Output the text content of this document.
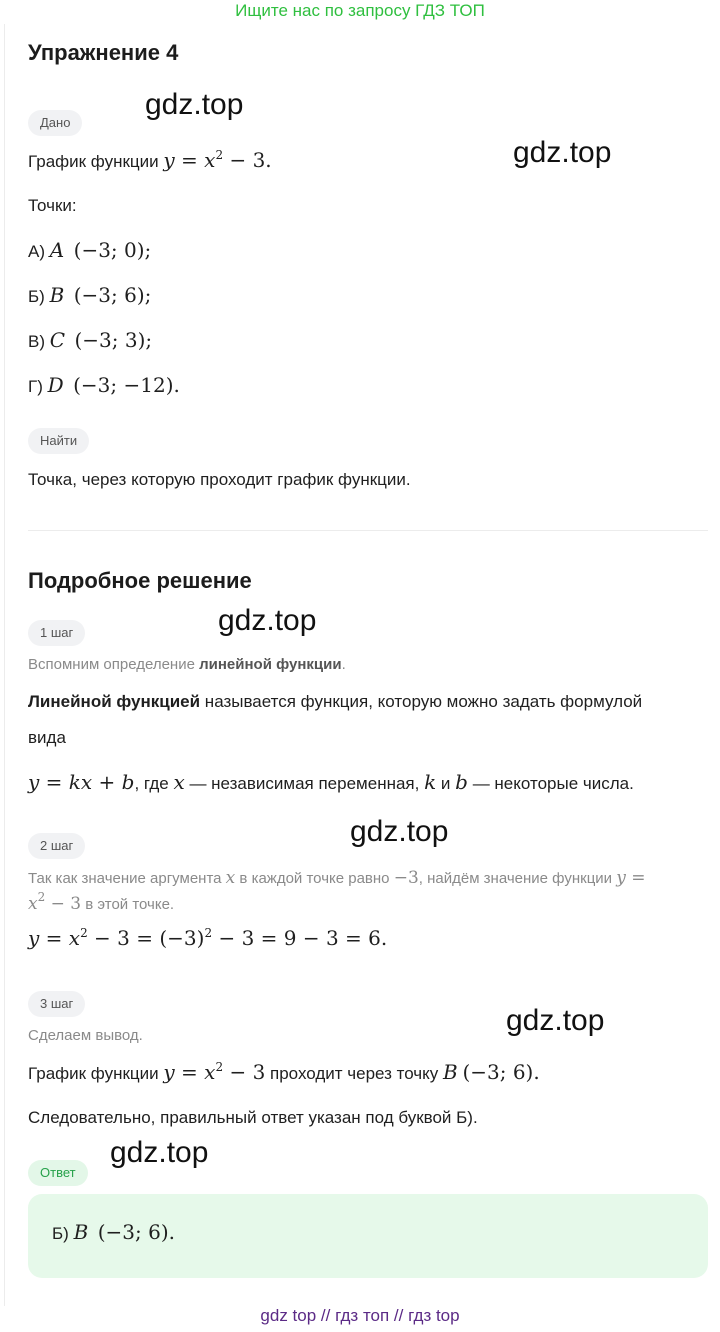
Ищите нас по запросу ГДЗ ТОП
Упражнение 4
Дано
График функции $y = x^2 - 3$.
Точки:
А) A (−3; 0);
Б) B (−3; 6);
В) C (−3; 3);
Г) D (−3; −12).
Найти
Точка, через которую проходит график функции.
Подробное решение
1 шаг
Вспомним определение линейной функции.
Линейной функцией называется функция, которую можно задать формулой
вида
y = kx + b, где x — независимая переменная, k и b — некоторые числа.
2 шаг
Так как значение аргумента x в каждой точке равно −3, найдём значение функции y =
$x^2 - 3$ в этой точке.
$y = x^2 - 3 = (-3)^2 - 3 = 9 - 3 = 6$.
3 шаг
Сделаем вывод.
График функции $y = x^2 - 3$ проходит через точку B (−3; 6).
Следовательно, правильный ответ указан под буквой Б).
Ответ
Б) B (−3; 6).
gdz.top
gdz.top
gdz.top
gdz.top
gdz.top
gdz.top
gdz top // гдз топ // гдз top
